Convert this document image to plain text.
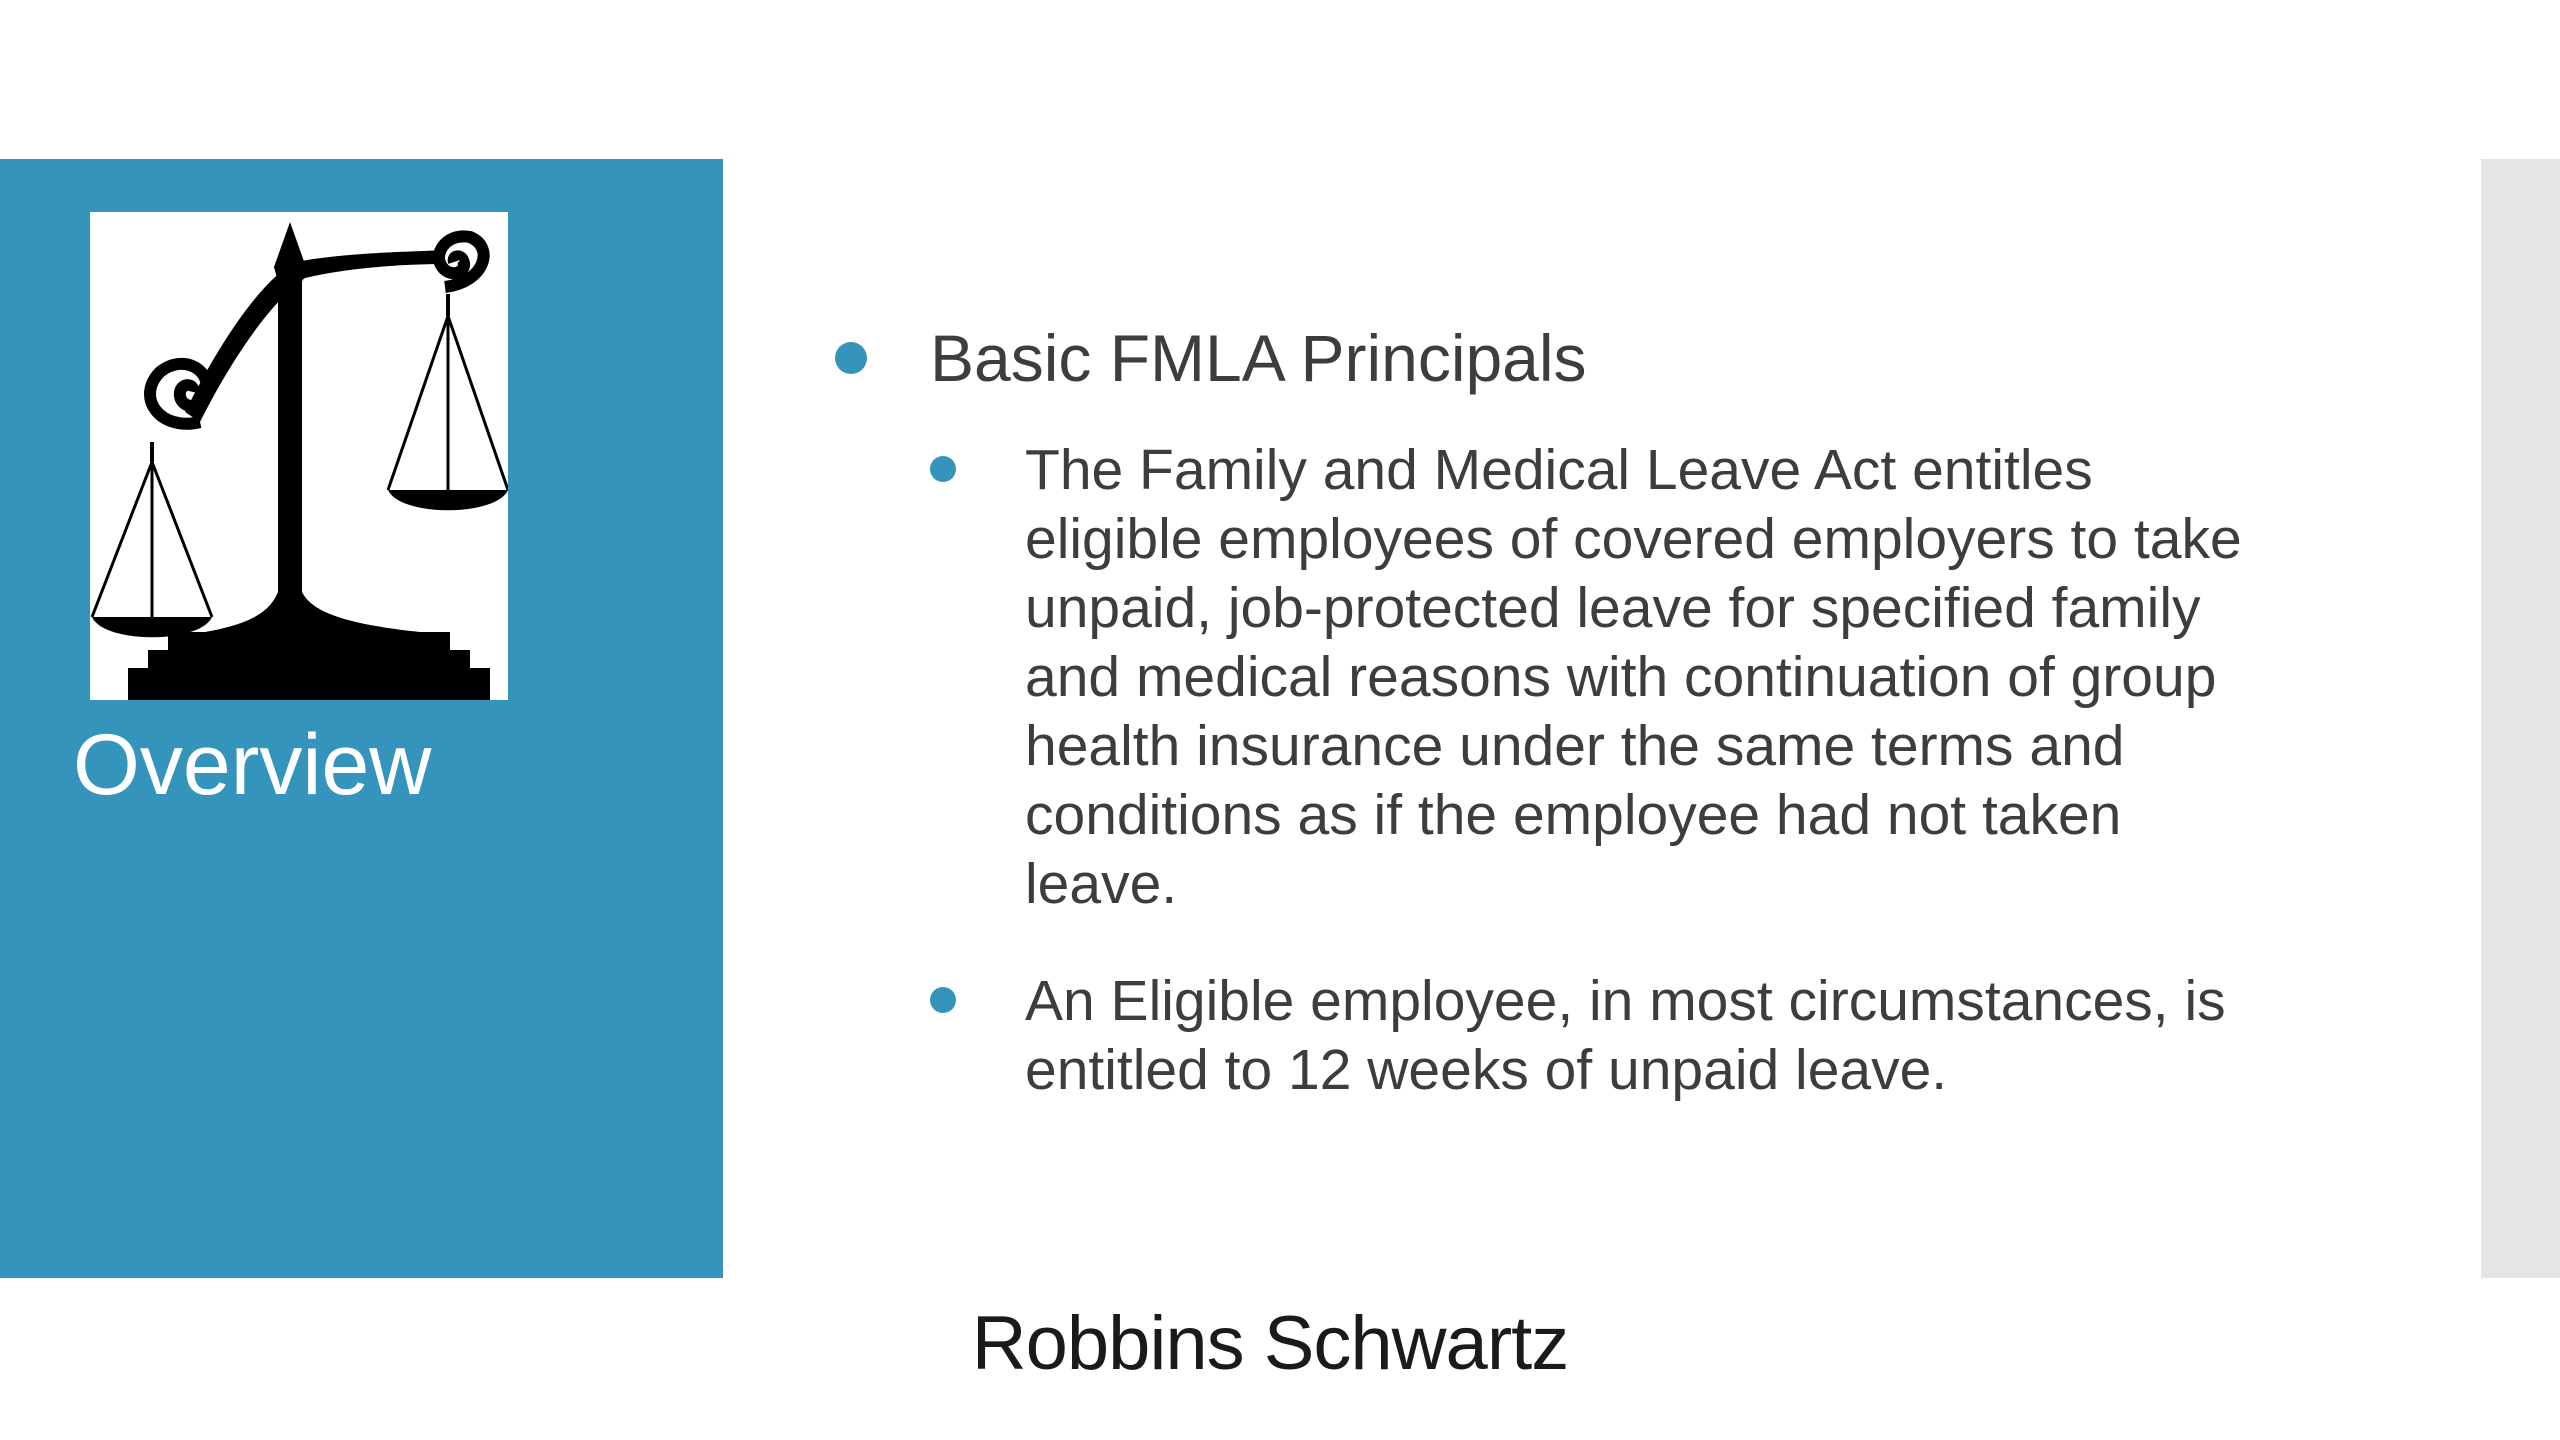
Overview
Basic FMLA Principals
The Family and Medical Leave Act entitles eligible employees of covered employers to take unpaid, job-protected leave for specified family and medical reasons with continuation of group health insurance under the same terms and conditions as if the employee had not taken leave.
An Eligible employee, in most circumstances, is entitled to 12 weeks of unpaid leave.
Robbins Schwartz
